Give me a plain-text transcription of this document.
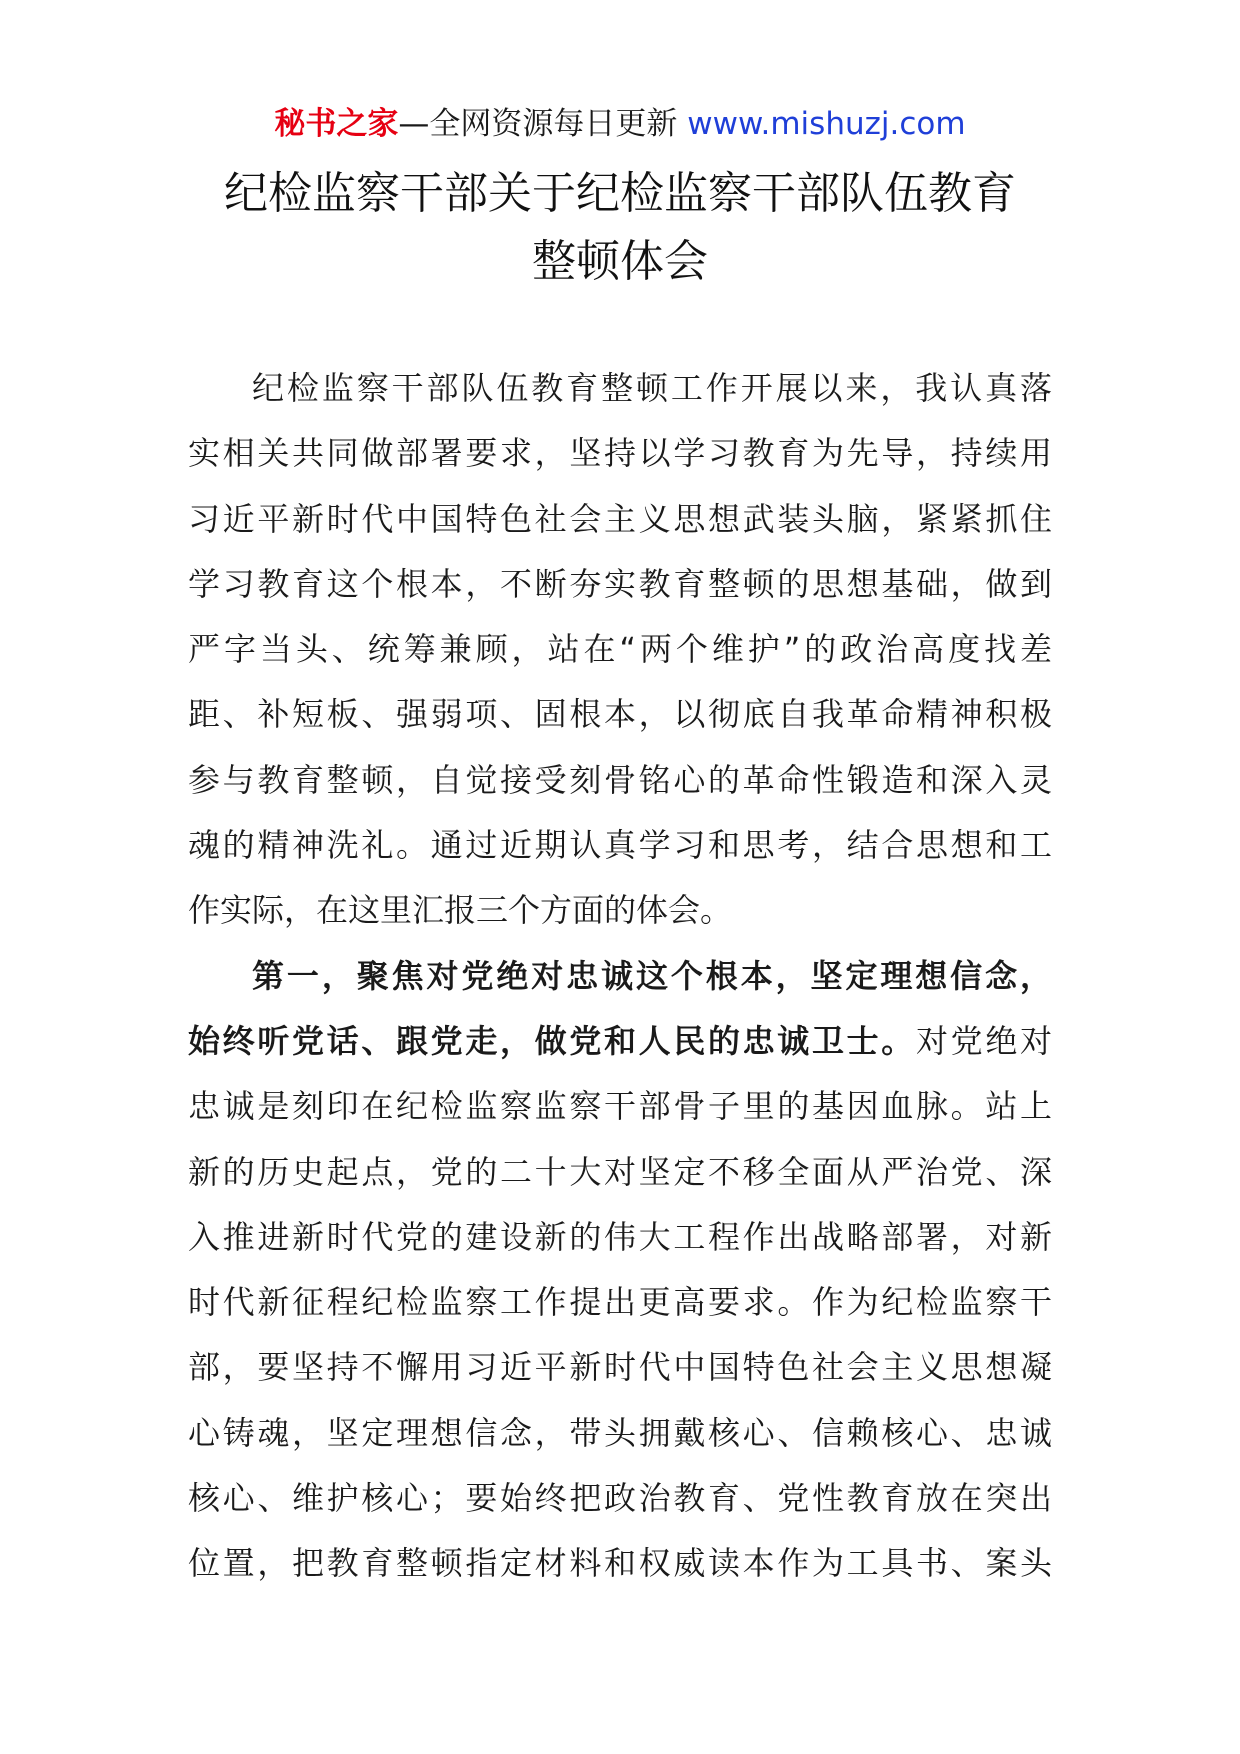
秘书之家—全网资源每日更新 www.mishuzj.com
纪检监察干部关于纪检监察干部队伍教育
整顿体会
纪检监察干部队伍教育整顿工作开展以来，我认真落
实相关共同做部署要求，坚持以学习教育为先导，持续用
习近平新时代中国特色社会主义思想武装头脑，紧紧抓住
学习教育这个根本，不断夯实教育整顿的思想基础，做到
严字当头、统筹兼顾，站在“两个维护”的政治高度找差
距、补短板、强弱项、固根本，以彻底自我革命精神积极
参与教育整顿，自觉接受刻骨铭心的革命性锻造和深入灵
魂的精神洗礼。通过近期认真学习和思考，结合思想和工
作实际，在这里汇报三个方面的体会。
第一，聚焦对党绝对忠诚这个根本，坚定理想信念，
始终听党话、跟党走，做党和人民的忠诚卫士。对党绝对
忠诚是刻印在纪检监察监察干部骨子里的基因血脉。站上
新的历史起点，党的二十大对坚定不移全面从严治党、深
入推进新时代党的建设新的伟大工程作出战略部署，对新
时代新征程纪检监察工作提出更高要求。作为纪检监察干
部，要坚持不懈用习近平新时代中国特色社会主义思想凝
心铸魂，坚定理想信念，带头拥戴核心、信赖核心、忠诚
核心、维护核心；要始终把政治教育、党性教育放在突出
位置，把教育整顿指定材料和权威读本作为工具书、案头
